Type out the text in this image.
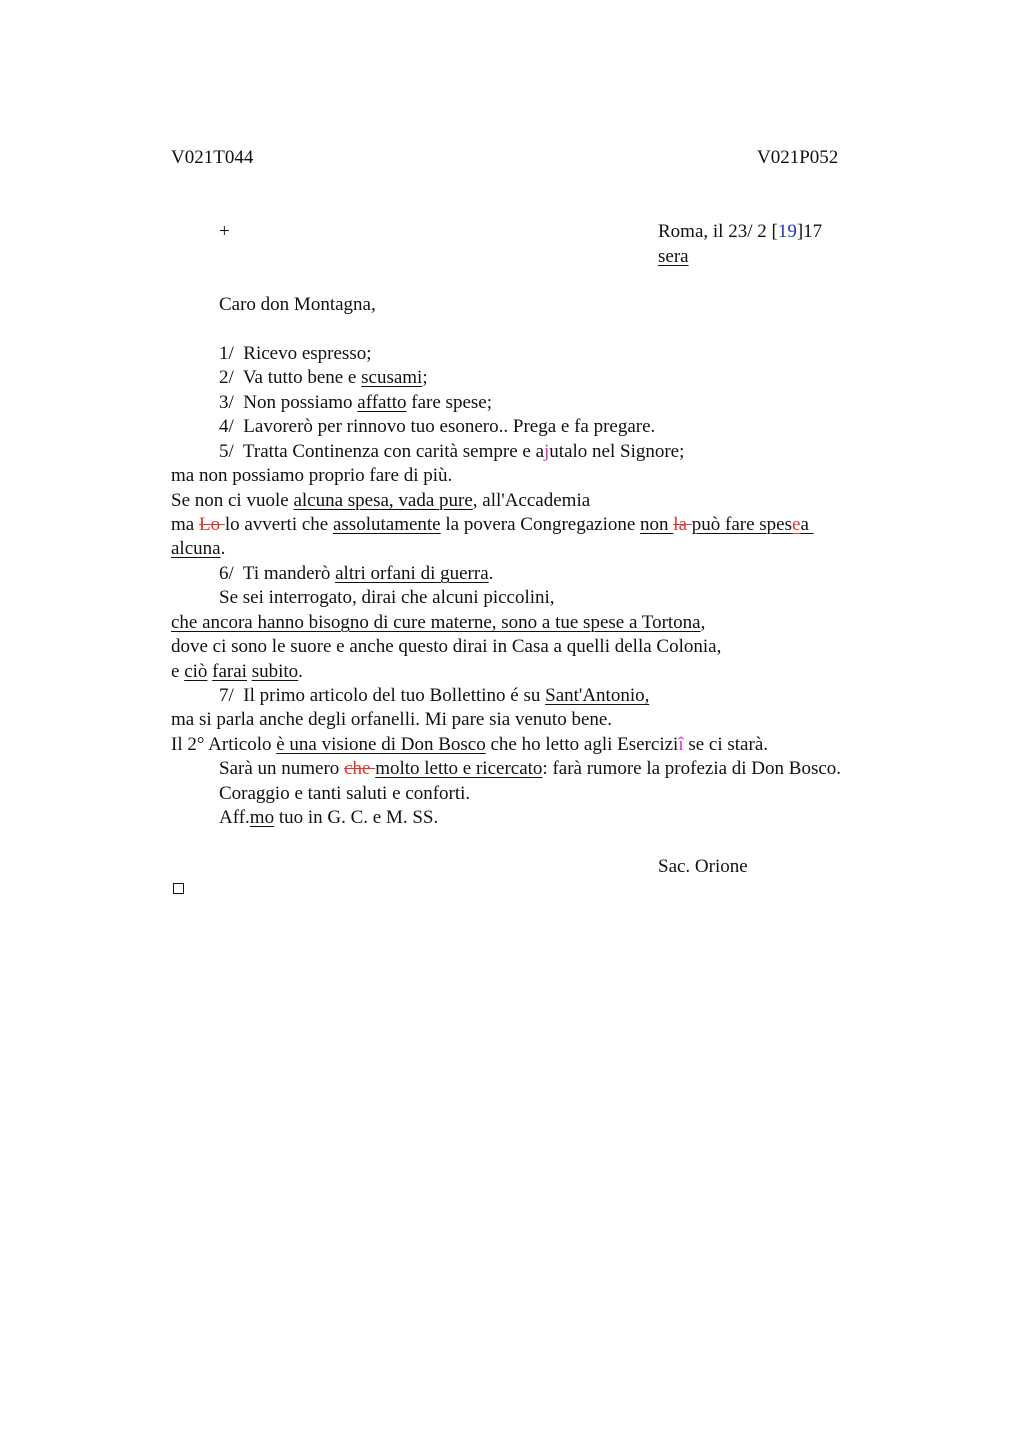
V021T044	V021P052
+	Roma, il 23/ 2 [19]17
sera
Caro don Montagna,
1/  Ricevo espresso;
2/  Va tutto bene e scusami;
3/  Non possiamo affatto fare spese;
4/  Lavorerò per rinnovo tuo esonero.. Prega e fa pregare.
5/  Tratta Continenza con carità sempre e ajutalo nel Signore;
ma non possiamo proprio fare di più.
Se non ci vuole alcuna spesa, vada pure, all'Accademia
ma Lo lo avverti che assolutamente la povera Congregazione non la può fare spesea
alcuna.
6/  Ti manderò altri orfani di guerra.
Se sei interrogato, dirai che alcuni piccolini,
che ancora hanno bisogno di cure materne, sono a tue spese a Tortona,
dove ci sono le suore e anche questo dirai in Casa a quelli della Colonia,
e ciò farai subito.
7/  Il primo articolo del tuo Bollettino é su Sant'Antonio,
ma si parla anche degli orfanelli. Mi pare sia venuto bene.
Il 2° Articolo è una visione di Don Bosco che ho letto agli Eserciziî se ci starà.
Sarà un numero che molto letto e ricercato: farà rumore la profezia di Don Bosco.
Coraggio e tanti saluti e conforti.
Aff.mo tuo in G. C. e M. SS.
Sac. Orione
